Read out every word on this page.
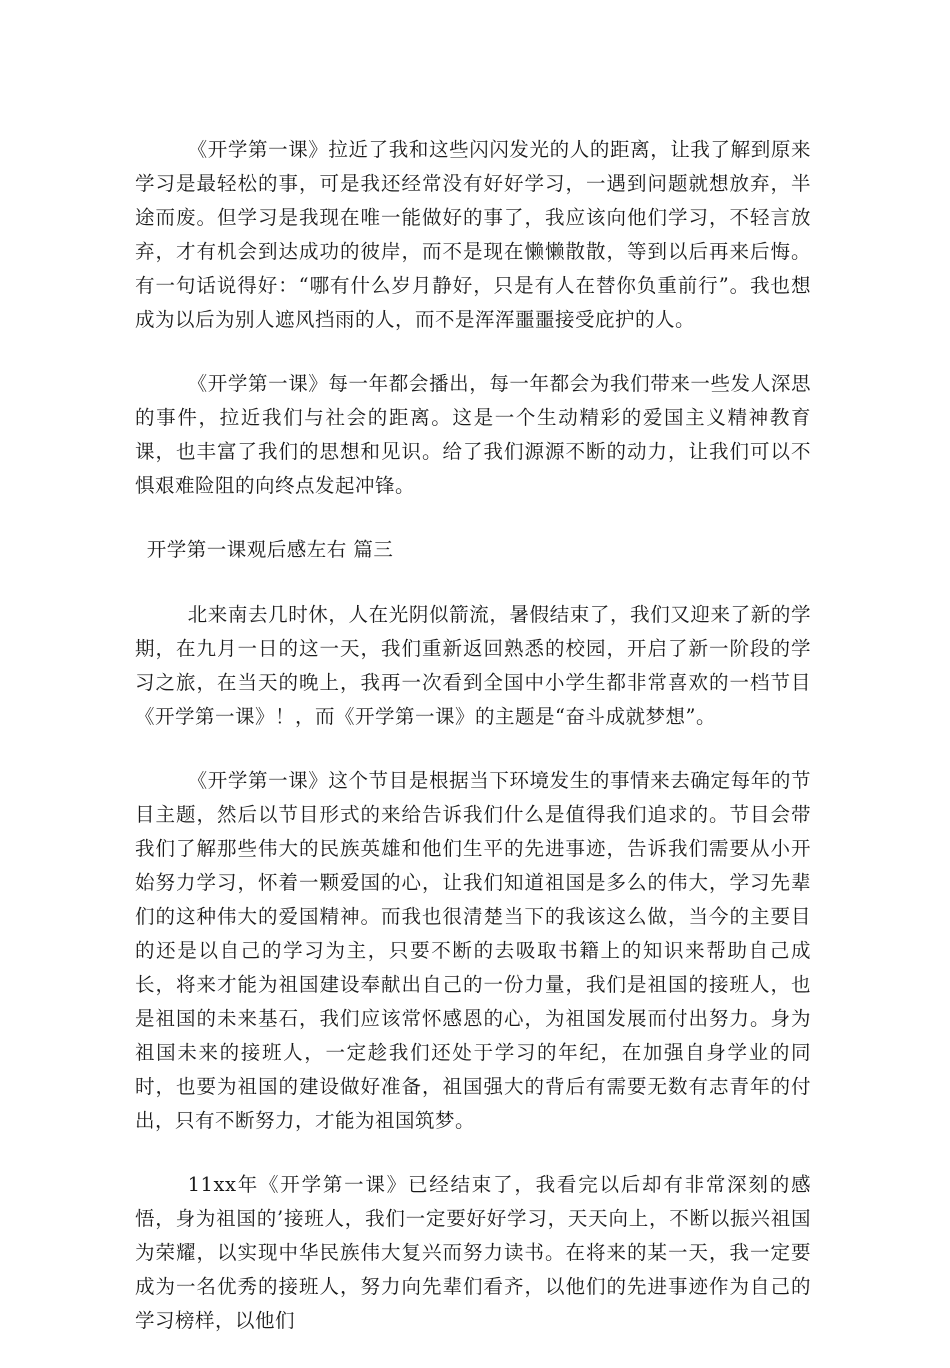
《开学第一课》拉近了我和这些闪闪发光的人的距离，让我了解到原来学习是最轻松的事，可是我还经常没有好好学习，一遇到问题就想放弃，半途而废。但学习是我现在唯一能做好的事了，我应该向他们学习，不轻言放弃，才有机会到达成功的彼岸，而不是现在懒懒散散，等到以后再来后悔。有一句话说得好：“哪有什么岁月静好，只是有人在替你负重前行”。我也想成为以后为别人遮风挡雨的人，而不是浑浑噩噩接受庇护的人。

《开学第一课》每一年都会播出，每一年都会为我们带来一些发人深思的事件，拉近我们与社会的距离。这是一个生动精彩的爱国主义精神教育课，也丰富了我们的思想和见识。给了我们源源不断的动力，让我们可以不惧艰难险阻的向终点发起冲锋。

开学第一课观后感左右 篇三

北来南去几时休，人在光阴似箭流，暑假结束了，我们又迎来了新的学期，在九月一日的这一天，我们重新返回熟悉的校园，开启了新一阶段的学习之旅，在当天的晚上，我再一次看到全国中小学生都非常喜欢的一档节目《开学第一课》！，而《开学第一课》的主题是“奋斗成就梦想”。

《开学第一课》这个节目是根据当下环境发生的事情来去确定每年的节目主题，然后以节目形式的来给告诉我们什么是值得我们追求的。节目会带我们了解那些伟大的民族英雄和他们生平的先进事迹，告诉我们需要从小开始努力学习，怀着一颗爱国的心，让我们知道祖国是多么的伟大，学习先辈们的这种伟大的爱国精神。而我也很清楚当下的我该这么做，当今的主要目的还是以自己的学习为主，只要不断的去吸取书籍上的知识来帮助自己成长，将来才能为祖国建设奉献出自己的一份力量，我们是祖国的接班人，也是祖国的未来基石，我们应该常怀感恩的心，为祖国发展而付出努力。身为祖国未来的接班人，一定趁我们还处于学习的年纪，在加强自身学业的同时，也要为祖国的建设做好准备，祖国强大的背后有需要无数有志青年的付出，只有不断努力，才能为祖国筑梦。

11xx年《开学第一课》已经结束了，我看完以后却有非常深刻的感悟，身为祖国的’接班人，我们一定要好好学习，天天向上，不断以振兴祖国为荣耀，以实现中华民族伟大复兴而努力读书。在将来的某一天，我一定要成为一名优秀的接班人，努力向先辈们看齐，以他们的先进事迹作为自己的学习榜样，以他们
